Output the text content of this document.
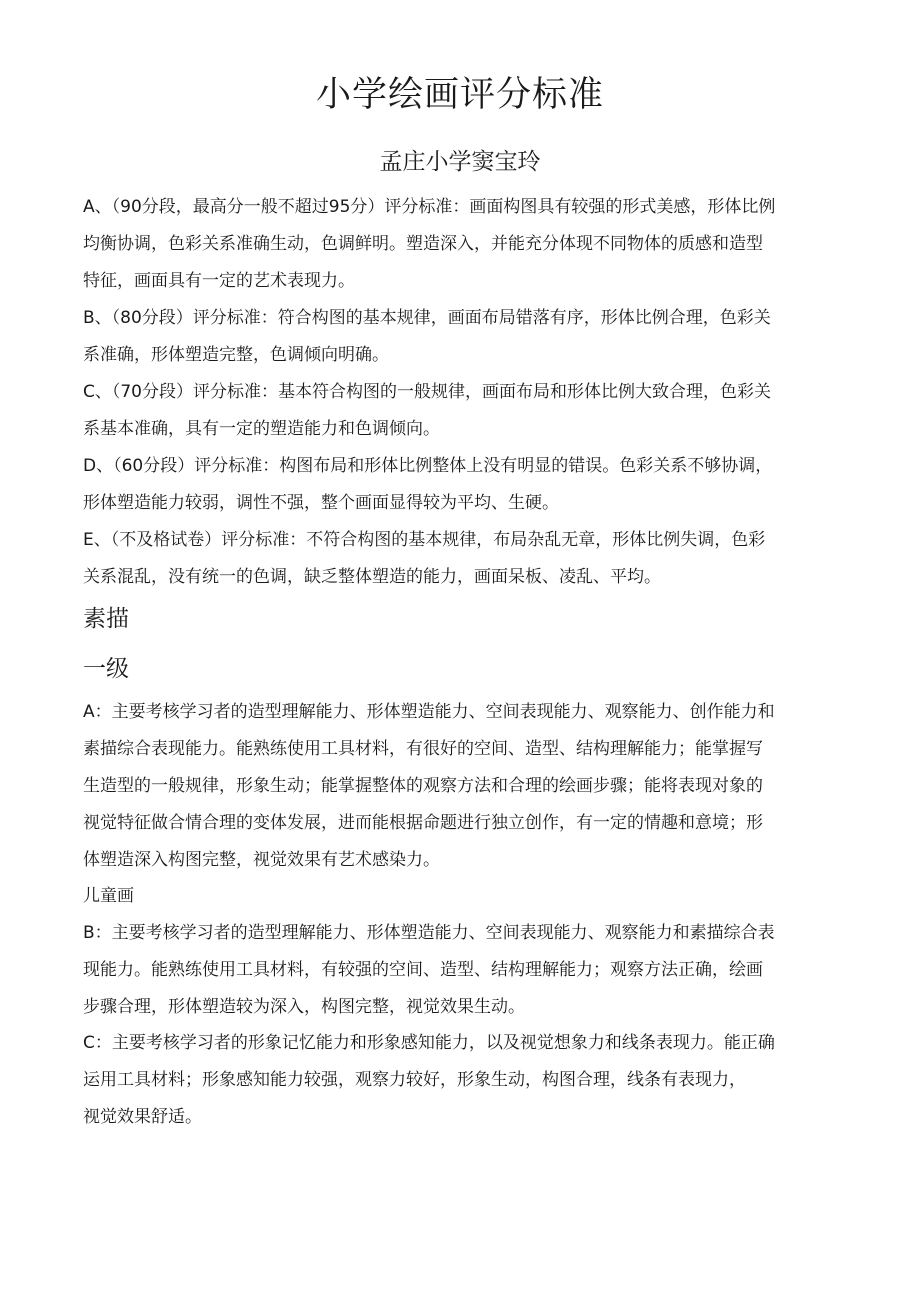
小学绘画评分标准
孟庄小学窦宝玲

A、（90分段，最高分一般不超过95分）评分标准：画面构图具有较强的形式美感，形体比例
均衡协调，色彩关系准确生动，色调鲜明。塑造深入，并能充分体现不同物体的质感和造型
特征，画面具有一定的艺术表现力。

B、（80分段）评分标准：符合构图的基本规律，画面布局错落有序，形体比例合理，色彩关
系准确，形体塑造完整，色调倾向明确。

C、（70分段）评分标准：基本符合构图的一般规律，画面布局和形体比例大致合理，色彩关
系基本准确，具有一定的塑造能力和色调倾向。

D、（60分段）评分标准：构图布局和形体比例整体上没有明显的错误。色彩关系不够协调，
形体塑造能力较弱，调性不强，整个画面显得较为平均、生硬。

E、（不及格试卷）评分标准：不符合构图的基本规律，布局杂乱无章，形体比例失调，色彩
关系混乱，没有统一的色调，缺乏整体塑造的能力，画面呆板、凌乱、平均。

素描
一级

A：主要考核学习者的造型理解能力、形体塑造能力、空间表现能力、观察能力、创作能力和
素描综合表现能力。能熟练使用工具材料，有很好的空间、造型、结构理解能力；能掌握写
生造型的一般规律，形象生动；能掌握整体的观察方法和合理的绘画步骤；能将表现对象的
视觉特征做合情合理的变体发展，进而能根据命题进行独立创作，有一定的情趣和意境；形
体塑造深入构图完整，视觉效果有艺术感染力。

儿童画

B：主要考核学习者的造型理解能力、形体塑造能力、空间表现能力、观察能力和素描综合表
现能力。能熟练使用工具材料，有较强的空间、造型、结构理解能力；观察方法正确，绘画
步骤合理，形体塑造较为深入，构图完整，视觉效果生动。

C：主要考核学习者的形象记忆能力和形象感知能力，以及视觉想象力和线条表现力。能正确
运用工具材料；形象感知能力较强，观察力较好，形象生动，构图合理，线条有表现力，
视觉效果舒适。
